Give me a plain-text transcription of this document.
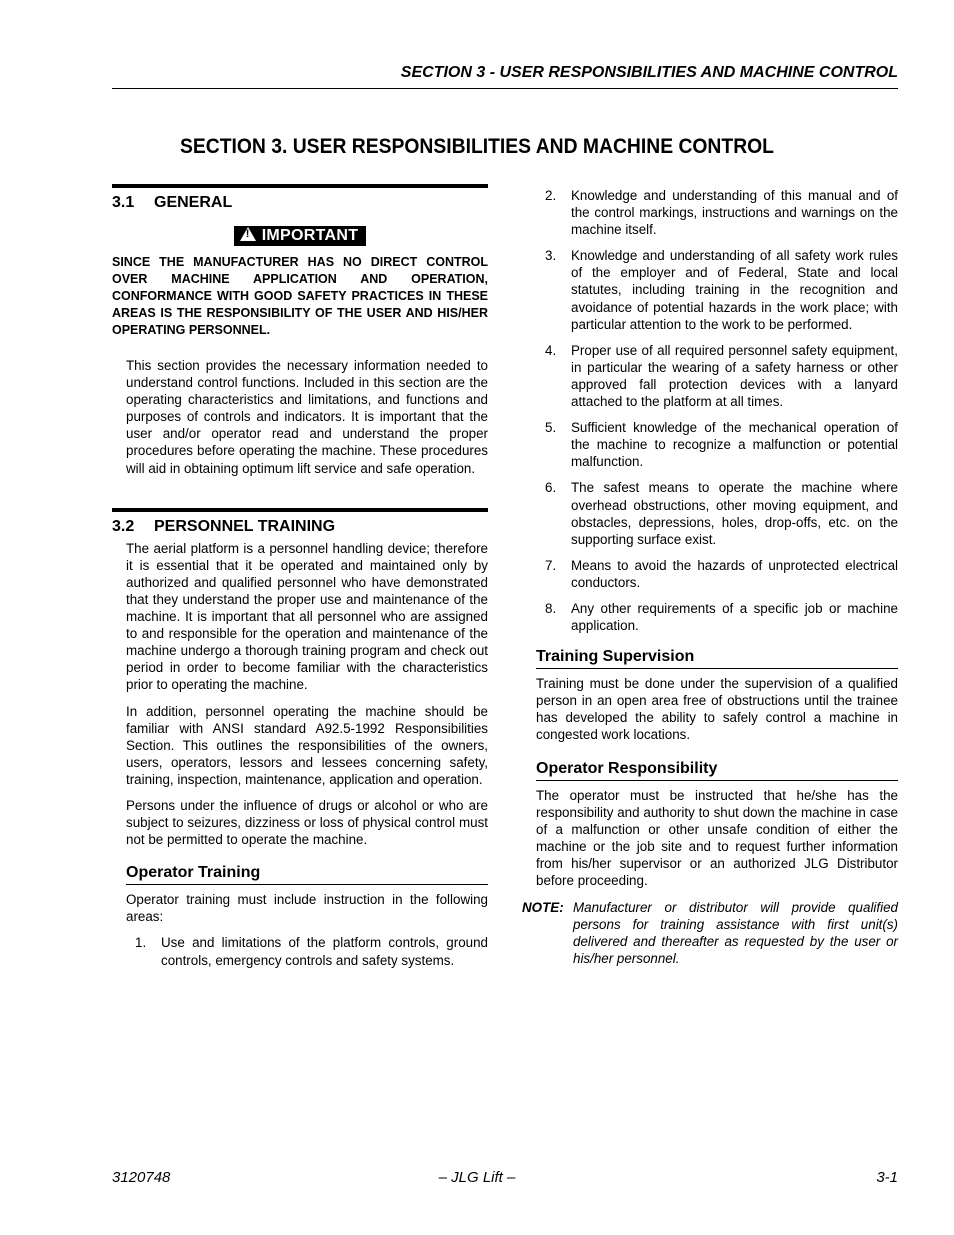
SECTION 3 - USER RESPONSIBILITIES AND MACHINE CONTROL
SECTION 3. USER RESPONSIBILITIES AND MACHINE CONTROL
3.1 GENERAL
!IMPORTANT
SINCE THE MANUFACTURER HAS NO DIRECT CONTROL OVER MACHINE APPLICATION AND OPERATION, CONFORMANCE WITH GOOD SAFETY PRACTICES IN THESE AREAS IS THE RESPONSIBILITY OF THE USER AND HIS/HER OPERATING PERSONNEL.

This section provides the necessary information needed to understand control functions. Included in this section are the operating characteristics and limitations, and functions and purposes of controls and indicators. It is important that the user and/or operator read and understand the proper procedures before operating the machine. These procedures will aid in obtaining optimum lift service and safe operation.

3.2 PERSONNEL TRAINING

The aerial platform is a personnel handling device; therefore it is essential that it be operated and maintained only by authorized and qualified personnel who have demonstrated that they understand the proper use and maintenance of the machine. It is important that all personnel who are assigned to and responsible for the operation and maintenance of the machine undergo a thorough training program and check out period in order to become familiar with the characteristics prior to operating the machine.

In addition, personnel operating the machine should be familiar with ANSI standard A92.5-1992 Responsibilities Section. This outlines the responsibilities of the owners, users, operators, lessors and lessees concerning safety, training, inspection, maintenance, application and operation.

Persons under the influence of drugs or alcohol or who are subject to seizures, dizziness or loss of physical control must not be permitted to operate the machine.

Operator Training

Operator training must include instruction in the following areas:

1. Use and limitations of the platform controls, ground controls, emergency controls and safety systems.
2. Knowledge and understanding of this manual and of the control markings, instructions and warnings on the machine itself.
3. Knowledge and understanding of all safety work rules of the employer and of Federal, State and local statutes, including training in the recognition and avoidance of potential hazards in the work place; with particular attention to the work to be performed.
4. Proper use of all required personnel safety equipment, in particular the wearing of a safety harness or other approved fall protection devices with a lanyard attached to the platform at all times.
5. Sufficient knowledge of the mechanical operation of the machine to recognize a malfunction or potential malfunction.
6. The safest means to operate the machine where overhead obstructions, other moving equipment, and obstacles, depressions, holes, drop-offs, etc. on the supporting surface exist.
7. Means to avoid the hazards of unprotected electrical conductors.
8. Any other requirements of a specific job or machine application.
Training Supervision

Training must be done under the supervision of a qualified person in an open area free of obstructions until the trainee has developed the ability to safely control a machine in congested work locations.

Operator Responsibility

The operator must be instructed that he/she has the responsibility and authority to shut down the machine in case of a malfunction or other unsafe condition of either the machine or the job site and to request further information from his/her supervisor or an authorized JLG Distributor before proceeding.

NOTE: Manufacturer or distributor will provide qualified persons for training assistance with first unit(s) delivered and thereafter as requested by the user or his/her personnel.
3120748	– JLG Lift –	3-1
